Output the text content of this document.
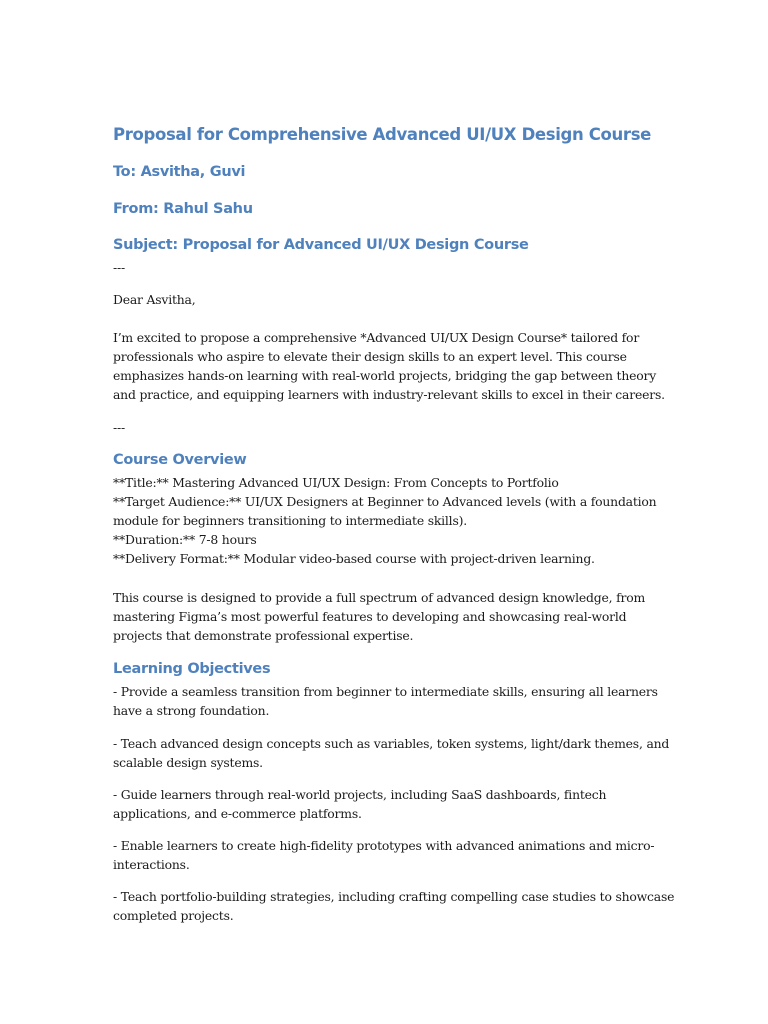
Proposal for Comprehensive Advanced UI/UX Design Course
To: Asvitha, Guvi
From: Rahul Sahu
Subject: Proposal for Advanced UI/UX Design Course

---

Dear Asvitha,

I’m excited to propose a comprehensive *Advanced UI/UX Design Course* tailored for
professionals who aspire to elevate their design skills to an expert level. This course
emphasizes hands-on learning with real-world projects, bridging the gap between theory
and practice, and equipping learners with industry-relevant skills to excel in their careers.

---

Course Overview

**Title:** Mastering Advanced UI/UX Design: From Concepts to Portfolio
**Target Audience:** UI/UX Designers at Beginner to Advanced levels (with a foundation
module for beginners transitioning to intermediate skills).
**Duration:** 7-8 hours
**Delivery Format:** Modular video-based course with project-driven learning.

This course is designed to provide a full spectrum of advanced design knowledge, from
mastering Figma’s most powerful features to developing and showcasing real-world
projects that demonstrate professional expertise.

Learning Objectives

- Provide a seamless transition from beginner to intermediate skills, ensuring all learners
have a strong foundation.

- Teach advanced design concepts such as variables, token systems, light/dark themes, and
scalable design systems.

- Guide learners through real-world projects, including SaaS dashboards, fintech
applications, and e-commerce platforms.

- Enable learners to create high-fidelity prototypes with advanced animations and micro-
interactions.

- Teach portfolio-building strategies, including crafting compelling case studies to showcase
completed projects.
